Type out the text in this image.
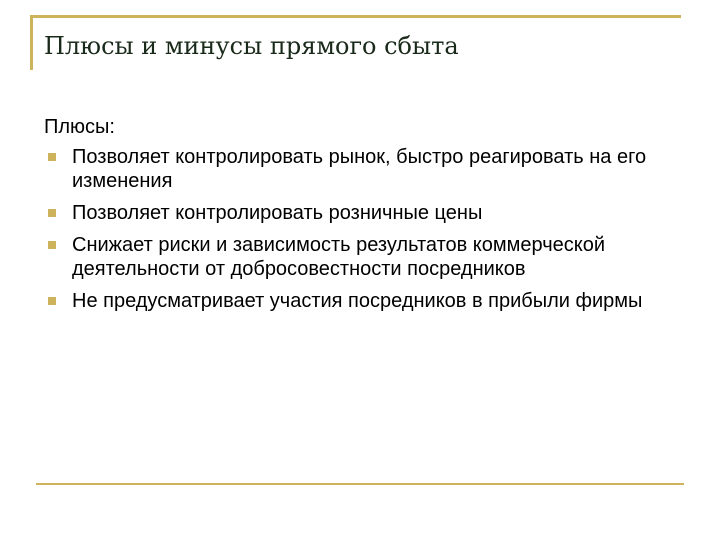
Плюсы и минусы прямого сбыта

Плюсы:

Позволяет контролировать рынок, быстро реагировать на его изменения
Позволяет контролировать розничные цены
Снижает риски и зависимость результатов коммерческой деятельности от добросовестности посредников
Не предусматривает участия посредников в прибыли фирмы
